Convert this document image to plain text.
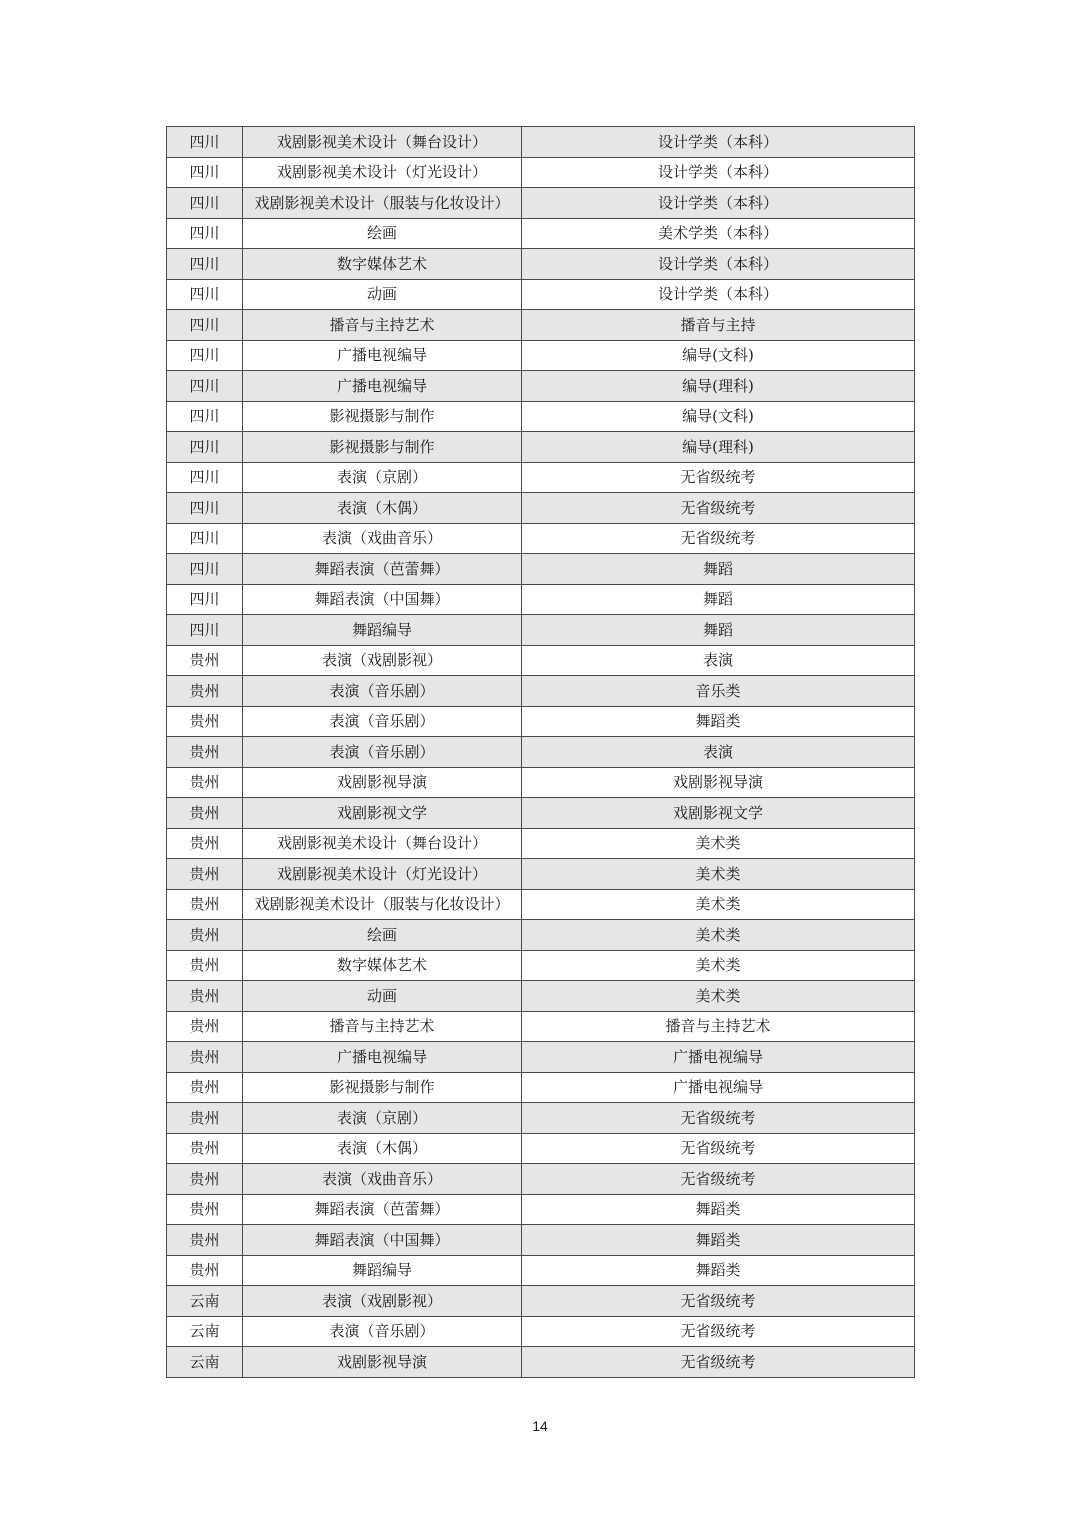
四川	戏剧影视美术设计（舞台设计）	设计学类（本科）
四川	戏剧影视美术设计（灯光设计）	设计学类（本科）
四川	戏剧影视美术设计（服装与化妆设计）	设计学类（本科）
四川	绘画	美术学类（本科）
四川	数字媒体艺术	设计学类（本科）
四川	动画	设计学类（本科）
四川	播音与主持艺术	播音与主持
四川	广播电视编导	编导(文科)
四川	广播电视编导	编导(理科)
四川	影视摄影与制作	编导(文科)
四川	影视摄影与制作	编导(理科)
四川	表演（京剧）	无省级统考
四川	表演（木偶）	无省级统考
四川	表演（戏曲音乐）	无省级统考
四川	舞蹈表演（芭蕾舞）	舞蹈
四川	舞蹈表演（中国舞）	舞蹈
四川	舞蹈编导	舞蹈
贵州	表演（戏剧影视）	表演
贵州	表演（音乐剧）	音乐类
贵州	表演（音乐剧）	舞蹈类
贵州	表演（音乐剧）	表演
贵州	戏剧影视导演	戏剧影视导演
贵州	戏剧影视文学	戏剧影视文学
贵州	戏剧影视美术设计（舞台设计）	美术类
贵州	戏剧影视美术设计（灯光设计）	美术类
贵州	戏剧影视美术设计（服装与化妆设计）	美术类
贵州	绘画	美术类
贵州	数字媒体艺术	美术类
贵州	动画	美术类
贵州	播音与主持艺术	播音与主持艺术
贵州	广播电视编导	广播电视编导
贵州	影视摄影与制作	广播电视编导
贵州	表演（京剧）	无省级统考
贵州	表演（木偶）	无省级统考
贵州	表演（戏曲音乐）	无省级统考
贵州	舞蹈表演（芭蕾舞）	舞蹈类
贵州	舞蹈表演（中国舞）	舞蹈类
贵州	舞蹈编导	舞蹈类
云南	表演（戏剧影视）	无省级统考
云南	表演（音乐剧）	无省级统考
云南	戏剧影视导演	无省级统考
14
